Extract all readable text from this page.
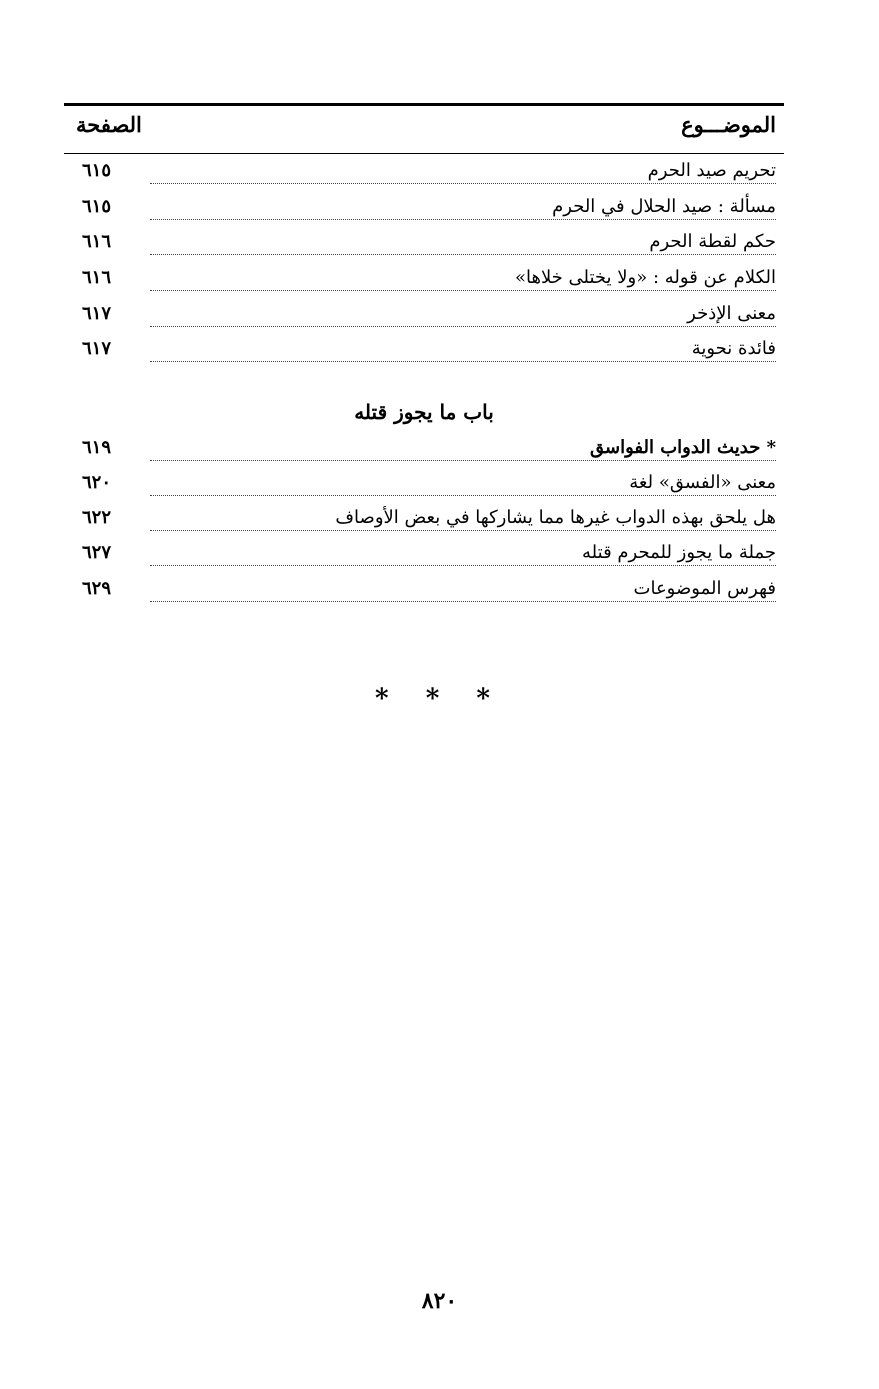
الموضـــوع
الصفحة
تحريم صيد الحرم
٦١٥
مسألة : صيد الحلال في الحرم
٦١٥
حكم لقطة الحرم
٦١٦
الكلام عن قوله : «ولا يختلى خلاها»
٦١٦
معنى الإذخر
٦١٧
فائدة نحوية
٦١٧
باب ما يجوز قتله
* حديث الدواب الفواسق
٦١٩
معنى «الفسق» لغة
٦٢٠
هل يلحق بهذه الدواب غيرها مما يشاركها في بعض الأوصاف
٦٢٢
جملة ما يجوز للمحرم قتله
٦٢٧
فهرس الموضوعات
٦٢٩
* * *
٨٢٠
